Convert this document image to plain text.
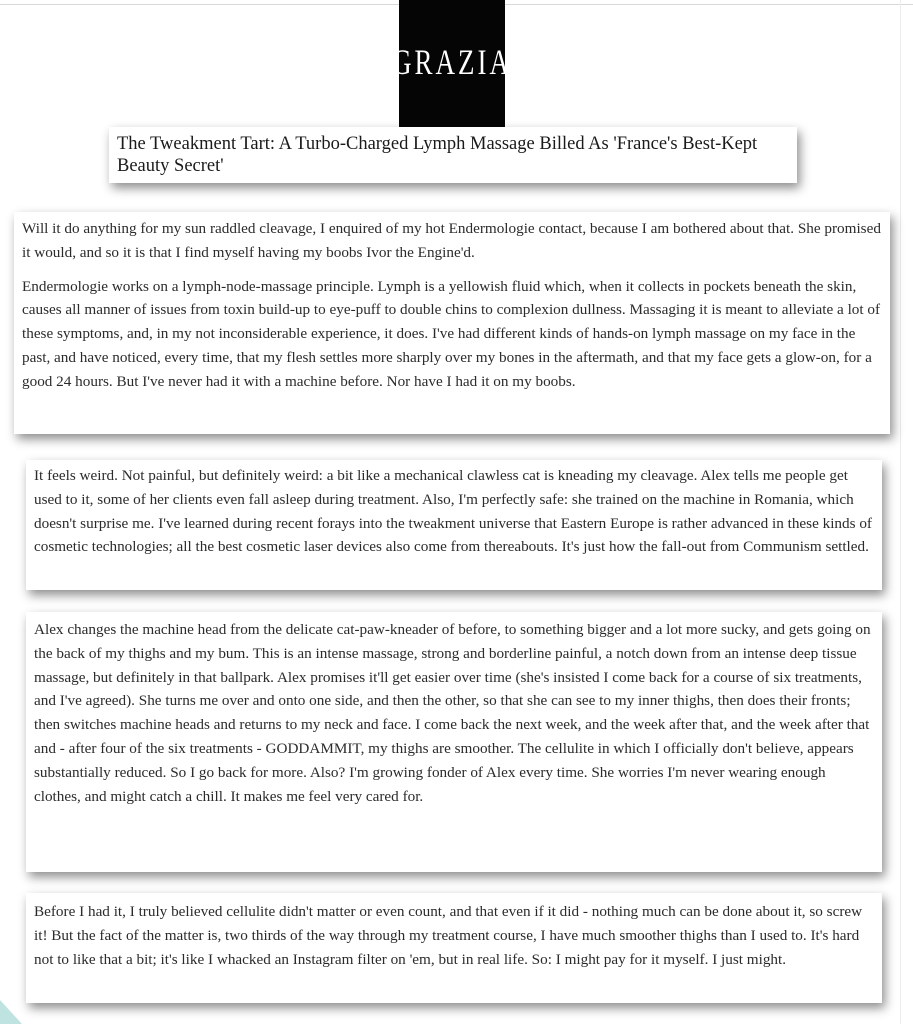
GRAZIA
The Tweakment Tart: A Turbo-Charged Lymph Massage Billed As 'France's Best-Kept Beauty Secret'

Will it do anything for my sun raddled cleavage, I enquired of my hot Endermologie contact, because I am bothered about that. She promised it would, and so it is that I find myself having my boobs Ivor the Engine'd.

Endermologie works on a lymph-node-massage principle. Lymph is a yellowish fluid which, when it collects in pockets beneath the skin, causes all manner of issues from toxin build-up to eye-puff to double chins to complexion dullness. Massaging it is meant to alleviate a lot of these symptoms, and, in my not inconsiderable experience, it does. I've had different kinds of hands-on lymph massage on my face in the past, and have noticed, every time, that my flesh settles more sharply over my bones in the aftermath, and that my face gets a glow-on, for a good 24 hours. But I've never had it with a machine before. Nor have I had it on my boobs.

It feels weird. Not painful, but definitely weird: a bit like a mechanical clawless cat is kneading my cleavage. Alex tells me people get used to it, some of her clients even fall asleep during treatment. Also, I'm perfectly safe: she trained on the machine in Romania, which doesn't surprise me. I've learned during recent forays into the tweakment universe that Eastern Europe is rather advanced in these kinds of cosmetic technologies; all the best cosmetic laser devices also come from thereabouts. It's just how the fall-out from Communism settled.

Alex changes the machine head from the delicate cat-paw-kneader of before, to something bigger and a lot more sucky, and gets going on the back of my thighs and my bum. This is an intense massage, strong and borderline painful, a notch down from an intense deep tissue massage, but definitely in that ballpark. Alex promises it'll get easier over time (she's insisted I come back for a course of six treatments, and I've agreed). She turns me over and onto one side, and then the other, so that she can see to my inner thighs, then does their fronts; then switches machine heads and returns to my neck and face. I come back the next week, and the week after that, and the week after that and - after four of the six treatments - GODDAMMIT, my thighs are smoother. The cellulite in which I officially don't believe, appears substantially reduced. So I go back for more. Also? I'm growing fonder of Alex every time. She worries I'm never wearing enough clothes, and might catch a chill. It makes me feel very cared for.

Before I had it, I truly believed cellulite didn't matter or even count, and that even if it did - nothing much can be done about it, so screw it! But the fact of the matter is, two thirds of the way through my treatment course, I have much smoother thighs than I used to. It's hard not to like that a bit; it's like I whacked an Instagram filter on 'em, but in real life. So: I might pay for it myself. I just might.
